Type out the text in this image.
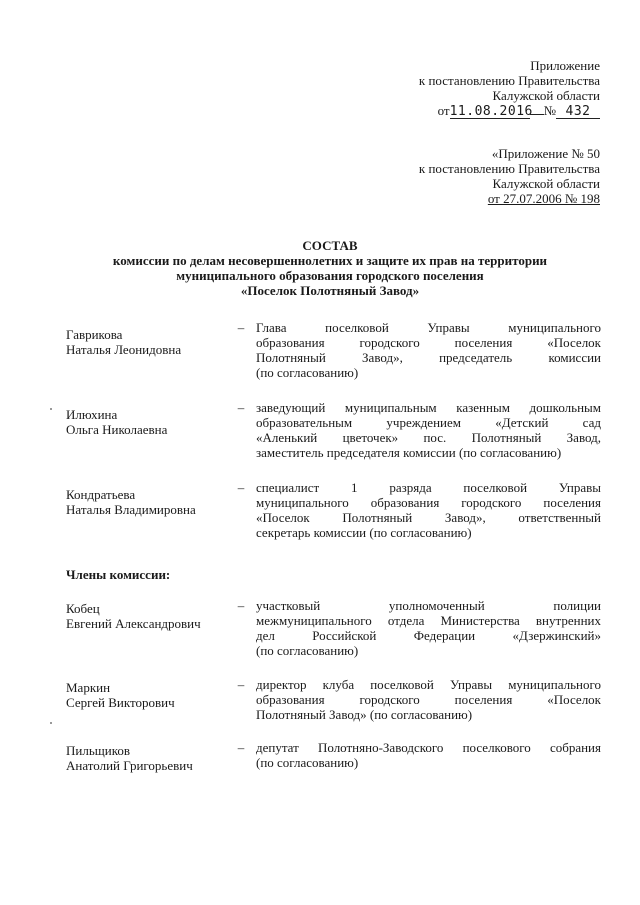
Приложение
к постановлению Правительства
Калужской области
от11.08.2016 № 432
«Приложение № 50
к постановлению Правительства
Калужской области
от 27.07.2006 № 198
СОСТАВ
комиссии по делам несовершеннолетних и защите их прав на территории
муниципального образования городского поселения
«Поселок Полотняный Завод»
Гаврикова
Наталья Леонидовна
– Глава поселковой Управы муниципального
образования городского поселения «Поселок
Полотняный Завод», председатель комиссии
(по согласованию)
Илюхина
Ольга Николаевна
– заведующий муниципальным казенным дошкольным
образовательным учреждением «Детский сад
«Аленький цветочек» пос. Полотняный Завод,
заместитель председателя комиссии (по согласованию)
Кондратьева
Наталья Владимировна
– специалист 1 разряда поселковой Управы
муниципального образования городского поселения
«Поселок Полотняный Завод», ответственный
секретарь комиссии (по согласованию)
Члены комиссии:
Кобец
Евгений Александрович
– участковый уполномоченный полиции
межмуниципального отдела Министерства внутренних
дел Российской Федерации «Дзержинский»
(по согласованию)
Маркин
Сергей Викторович
– директор клуба поселковой Управы муниципального
образования городского поселения «Поселок
Полотняный Завод» (по согласованию)
Пильщиков
Анатолий Григорьевич
– депутат Полотняно-Заводского поселкового собрания
(по согласованию)
